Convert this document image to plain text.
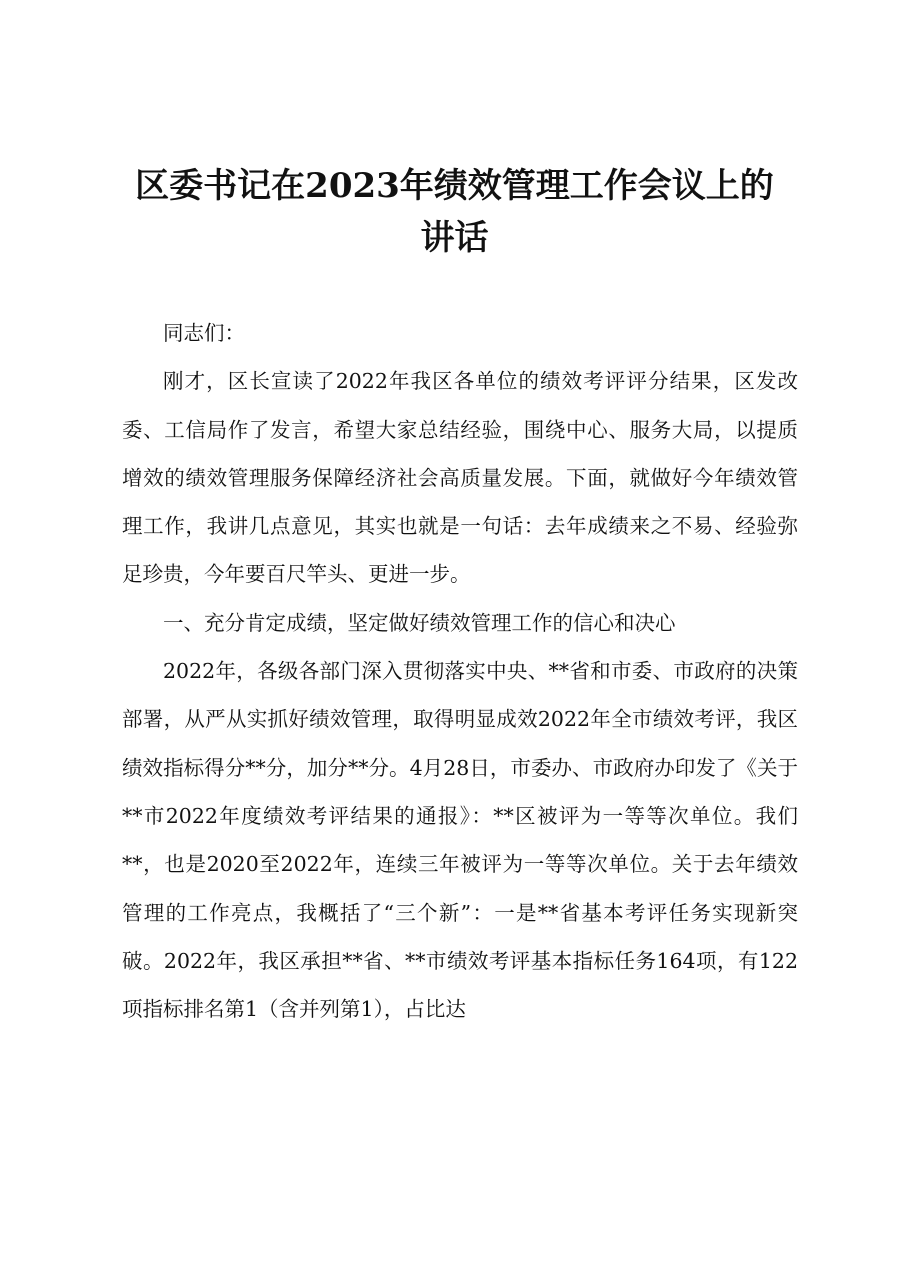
区委书记在2023年绩效管理工作会议上的讲话

同志们：

刚才，区长宣读了2022年我区各单位的绩效考评评分结果，区发改委、工信局作了发言，希望大家总结经验，围绕中心、服务大局，以提质增效的绩效管理服务保障经济社会高质量发展。下面，就做好今年绩效管理工作，我讲几点意见，其实也就是一句话：去年成绩来之不易、经验弥足珍贵，今年要百尺竿头、更进一步。

一、充分肯定成绩，坚定做好绩效管理工作的信心和决心

2022年，各级各部门深入贯彻落实中央、**省和市委、市政府的决策部署，从严从实抓好绩效管理，取得明显成效2022年全市绩效考评，我区绩效指标得分**分，加分**分。4月28日，市委办、市政府办印发了《关于**市2022年度绩效考评结果的通报》：**区被评为一等等次单位。我们**，也是2020至2022年，连续三年被评为一等等次单位。关于去年绩效管理的工作亮点，我概括了“三个新”：一是**省基本考评任务实现新突破。2022年，我区承担**省、**市绩效考评基本指标任务164项，有122项指标排名第1（含并列第1），占比达
